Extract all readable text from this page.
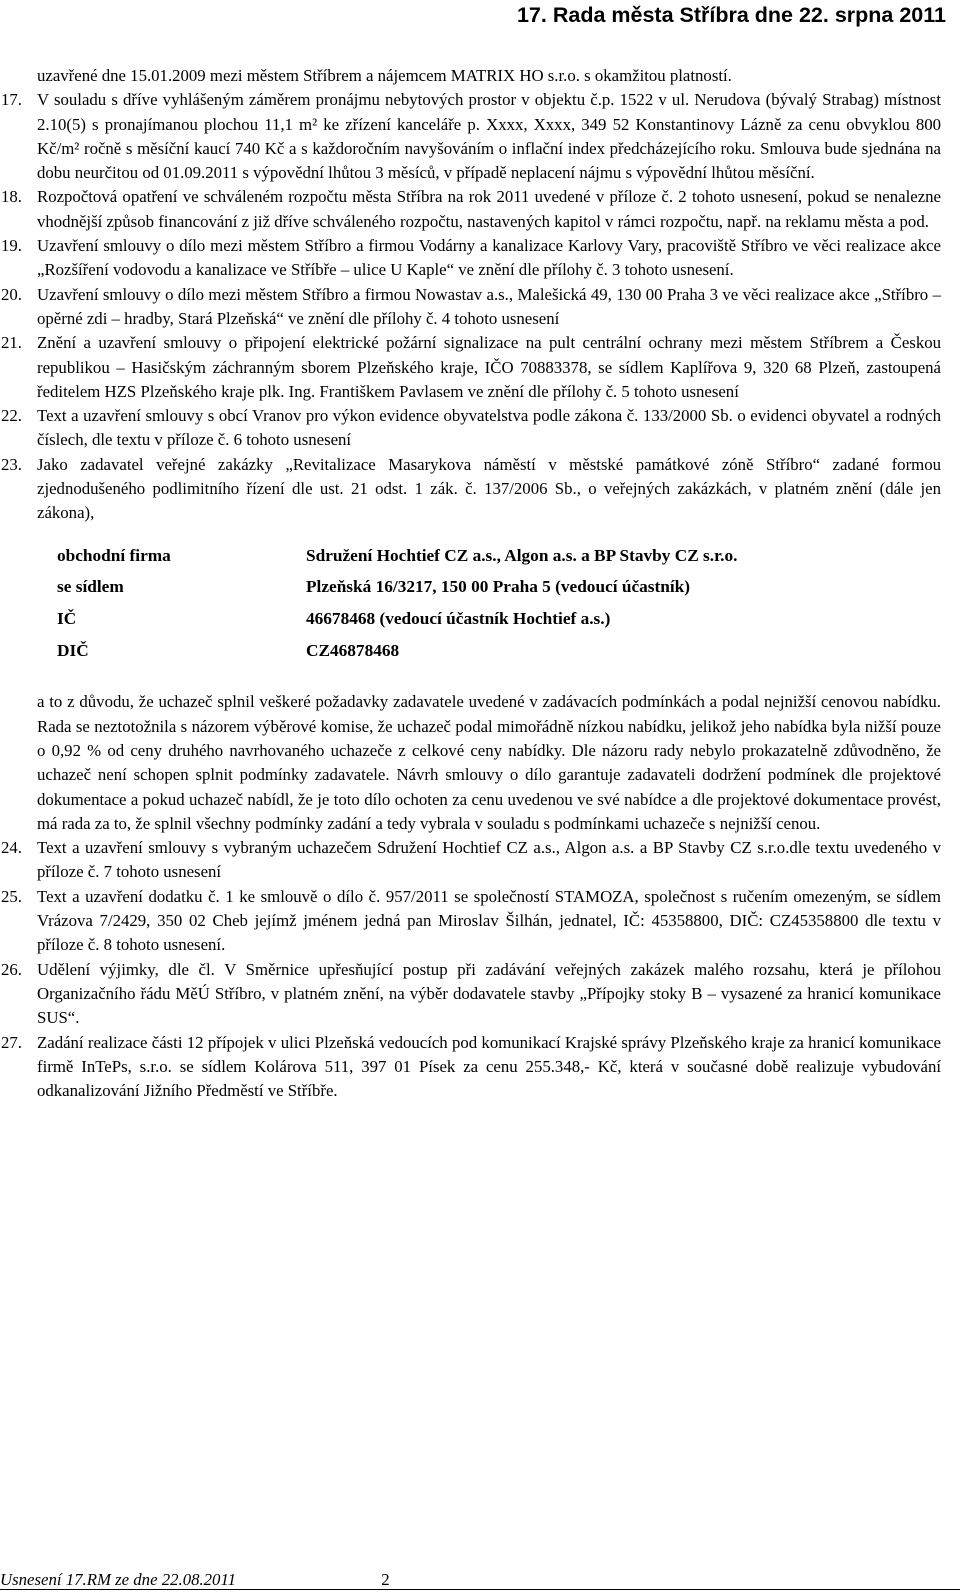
17. Rada města Stříbra dne 22. srpna 2011

uzavřené dne 15.01.2009 mezi městem Stříbrem a nájemcem MATRIX HO s.r.o. s okamžitou platností.

17. V souladu s dříve vyhlášeným záměrem pronájmu nebytových prostor v objektu č.p. 1522 v ul. Nerudova (bývalý Strabag) místnost 2.10(5) s pronajímanou plochou 11,1 m² ke zřízení kanceláře p. Xxxx, Xxxx, 349 52 Konstantinovy Lázně za cenu obvyklou 800 Kč/m² ročně s měsíční kaucí 740 Kč a s každoročním navyšováním o inflační index předcházejícího roku. Smlouva bude sjednána na dobu neurčitou od 01.09.2011 s výpovědní lhůtou 3 měsíců, v případě neplacení nájmu s výpovědní lhůtou měsíční.
18. Rozpočtová opatření ve schváleném rozpočtu města Stříbra na rok 2011 uvedené v příloze č. 2 tohoto usnesení, pokud se nenalezne vhodnější způsob financování z již dříve schváleného rozpočtu, nastavených kapitol v rámci rozpočtu, např. na reklamu města a pod.
19. Uzavření smlouvy o dílo mezi městem Stříbro a firmou Vodárny a kanalizace Karlovy Vary, pracoviště Stříbro ve věci realizace akce „Rozšíření vodovodu a kanalizace ve Stříbře – ulice U Kaple“ ve znění dle přílohy č. 3 tohoto usnesení.
20. Uzavření smlouvy o dílo mezi městem Stříbro a firmou Nowastav a.s., Malešická 49, 130 00 Praha 3 ve věci realizace akce „Stříbro – opěrné zdi – hradby, Stará Plzeňská“ ve znění dle přílohy č. 4 tohoto usnesení
21. Znění a uzavření smlouvy o připojení elektrické požární signalizace na pult centrální ochrany mezi městem Stříbrem a Českou republikou – Hasičským záchranným sborem Plzeňského kraje, IČO 70883378, se sídlem Kaplířova 9, 320 68 Plzeň, zastoupená ředitelem HZS Plzeňského kraje plk. Ing. Františkem Pavlasem ve znění dle přílohy č. 5 tohoto usnesení
22. Text a uzavření smlouvy s obcí Vranov pro výkon evidence obyvatelstva podle zákona č. 133/2000 Sb. o evidenci obyvatel a rodných číslech, dle textu v příloze č. 6 tohoto usnesení
23. Jako zadavatel veřejné zakázky „Revitalizace Masarykova náměstí v městské památkové zóně Stříbro“ zadané formou zjednodušeného podlimitního řízení dle ust. 21 odst. 1 zák. č. 137/2006 Sb., o veřejných zakázkách, v platném znění (dále jen zákona),
obchodní firma	Sdružení Hochtief CZ a.s., Algon a.s. a BP Stavby CZ s.r.o.
se sídlem	Plzeňská 16/3217, 150 00 Praha 5 (vedoucí účastník)
IČ	46678468 (vedoucí účastník Hochtief a.s.)
DIČ	CZ46878468

a to z důvodu, že uchazeč splnil veškeré požadavky zadavatele uvedené v zadávacích podmínkách a podal nejnižší cenovou nabídku. Rada se neztotožnila s názorem výběrové komise, že uchazeč podal mimořádně nízkou nabídku, jelikož jeho nabídka byla nižší pouze o 0,92 % od ceny druhého navrhovaného uchazeče z celkové ceny nabídky. Dle názoru rady nebylo prokazatelně zdůvodněno, že uchazeč není schopen splnit podmínky zadavatele. Návrh smlouvy o dílo garantuje zadavateli dodržení podmínek dle projektové dokumentace a pokud uchazeč nabídl, že je toto dílo ochoten za cenu uvedenou ve své nabídce a dle projektové dokumentace provést, má rada za to, že splnil všechny podmínky zadání a tedy vybrala v souladu s podmínkami uchazeče s nejnižší cenou.

24. Text a uzavření smlouvy s vybraným uchazečem Sdružení Hochtief CZ a.s., Algon a.s. a BP Stavby CZ s.r.o.dle textu uvedeného v příloze č. 7 tohoto usnesení
25. Text a uzavření dodatku č. 1 ke smlouvě o dílo č. 957/2011 se společností STAMOZA, společnost s ručením omezeným, se sídlem Vrázova 7/2429, 350 02 Cheb jejímž jménem jedná pan Miroslav Šilhán, jednatel, IČ: 45358800, DIČ: CZ45358800 dle textu v příloze č. 8 tohoto usnesení.
26. Udělení výjimky, dle čl. V Směrnice upřesňující postup při zadávání veřejných zakázek malého rozsahu, která je přílohou Organizačního řádu MěÚ Stříbro, v platném znění, na výběr dodavatele stavby „Přípojky stoky B – vysazené za hranicí komunikace SUS“.
27. Zadání realizace části 12 přípojek v ulici Plzeňská vedoucích pod komunikací Krajské správy Plzeňského kraje za hranicí komunikace firmě InTePs, s.r.o. se sídlem Kolárova 511, 397 01 Písek za cenu 255.348,- Kč, která v současné době realizuje vybudování odkanalizování Jižního Předměstí ve Stříbře.
Usnesení 17.RM ze dne 22.08.2011	2
